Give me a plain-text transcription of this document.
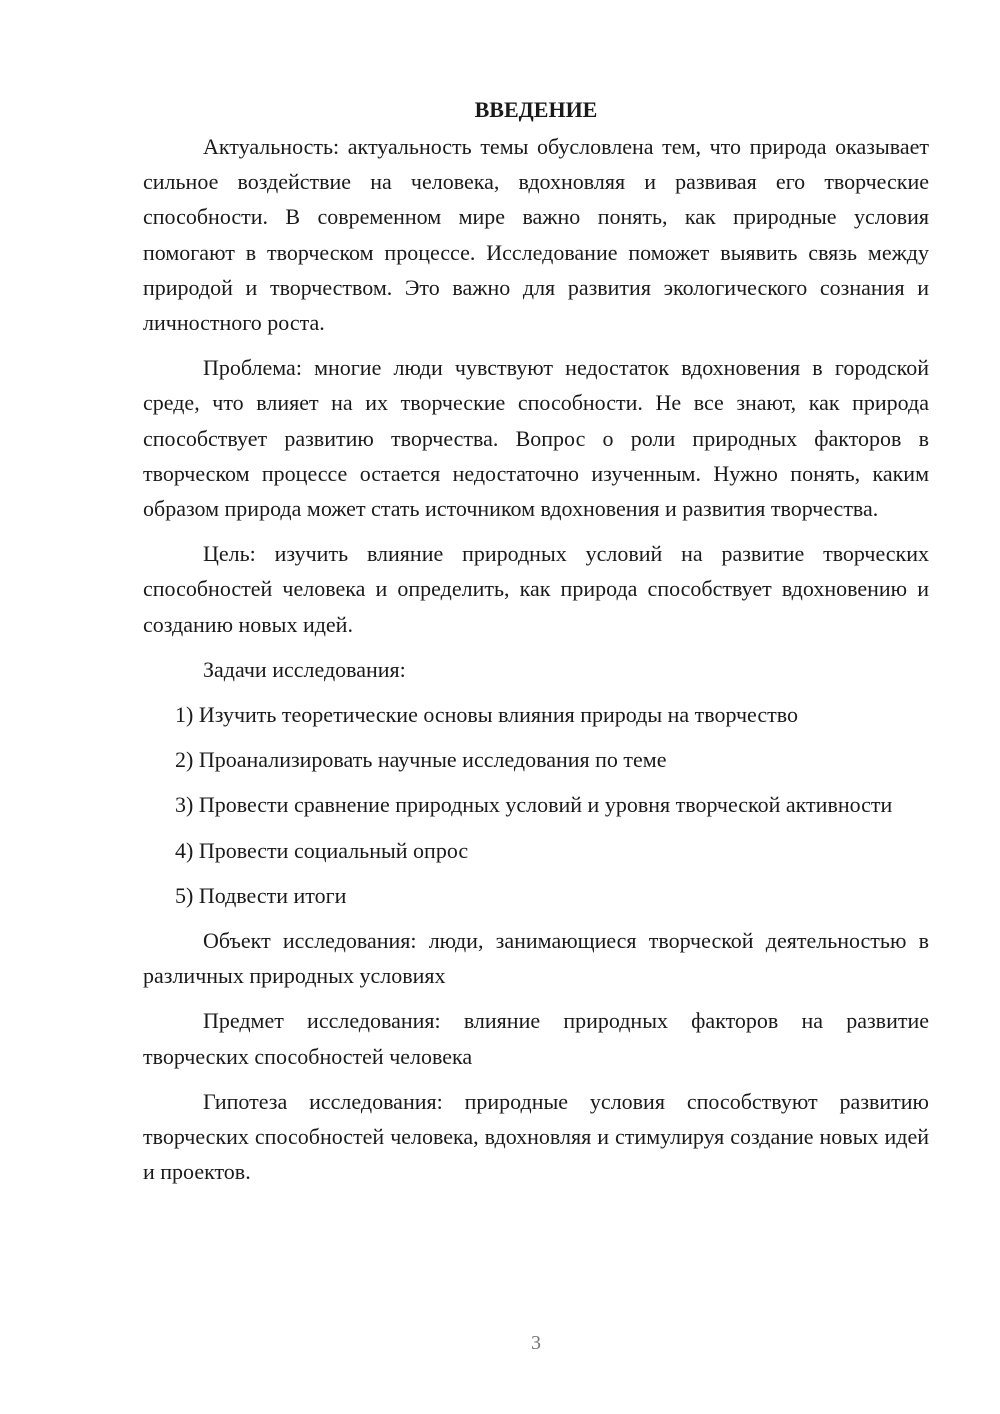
ВВЕДЕНИЕ

Актуальность: актуальность темы обусловлена тем, что природа оказывает сильное воздействие на человека, вдохновляя и развивая его творческие способности. В современном мире важно понять, как природные условия помогают в творческом процессе. Исследование поможет выявить связь между природой и творчеством. Это важно для развития экологического сознания и личностного роста.

Проблема: многие люди чувствуют недостаток вдохновения в городской среде, что влияет на их творческие способности. Не все знают, как природа способствует развитию творчества. Вопрос о роли природных факторов в творческом процессе остается недостаточно изученным. Нужно понять, каким образом природа может стать источником вдохновения и развития творчества.

Цель: изучить влияние природных условий на развитие творческих способностей человека и определить, как природа способствует вдохновению и созданию новых идей.

Задачи исследования:

1) Изучить теоретические основы влияния природы на творчество

2) Проанализировать научные исследования по теме

3) Провести сравнение природных условий и уровня творческой активности

4) Провести социальный опрос

5) Подвести итоги

Объект исследования: люди, занимающиеся творческой деятельностью в различных природных условиях

Предмет исследования: влияние природных факторов на развитие творческих способностей человека

Гипотеза исследования: природные условия способствуют развитию творческих способностей человека, вдохновляя и стимулируя создание новых идей и проектов.

3
